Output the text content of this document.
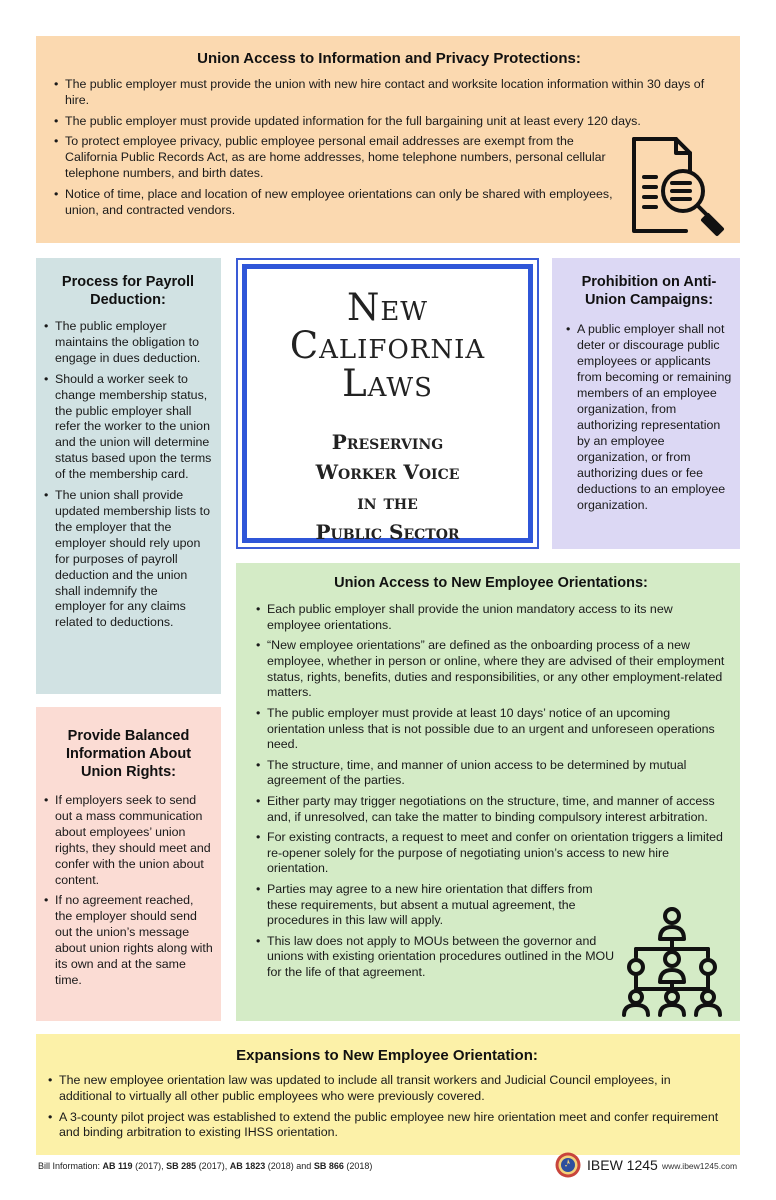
Union Access to Information and Privacy Protections:
• The public employer must provide the union with new hire contact and worksite location information within 30 days of hire.
• The public employer must provide updated information for the full bargaining unit at least every 120 days.
• To protect employee privacy, public employee personal email addresses are exempt from the California Public Records Act, as are home addresses, home telephone numbers, personal cellular telephone numbers, and birth dates.
• Notice of time, place and location of new employee orientations can only be shared with employees, union, and contracted vendors.
Process for Payroll Deduction:
• The public employer maintains the obligation to engage in dues deduction.
• Should a worker seek to change membership status, the public employer shall refer the worker to the union and the union will determine status based upon the terms of the membership card.
• The union shall provide updated membership lists to the employer that the employer should rely upon for purposes of payroll deduction and the union shall indemnify the employer for any claims related to deductions.
New
California
Laws
Preserving
Worker Voice
in the
Public Sector
Prohibition on Anti-Union Campaigns:
• A public employer shall not deter or discourage public employees or applicants from becoming or remaining members of an employee organization, from authorizing representation by an employee organization, or from authorizing dues or fee deductions to an employee organization.
Provide Balanced Information About Union Rights:
• If employers seek to send out a mass communication about employees’ union rights, they should meet and confer with the union about content.
• If no agreement reached, the employer should send out the union’s message about union rights along with its own and at the same time.
Union Access to New Employee Orientations:
• Each public employer shall provide the union mandatory access to its new employee orientations.
• “New employee orientations” are defined as the onboarding process of a new employee, whether in person or online, where they are advised of their employment status, rights, benefits, duties and responsibilities, or any other employment-related matters.
• The public employer must provide at least 10 days’ notice of an upcoming orientation unless that is not possible due to an urgent and unforeseen operations need.
• The structure, time, and manner of union access to be determined by mutual agreement of the parties.
• Either party may trigger negotiations on the structure, time, and manner of access and, if unresolved, can take the matter to binding compulsory interest arbitration.
• For existing contracts, a request to meet and confer on orientation triggers a limited re-opener solely for the purpose of negotiating union’s access to new hire orientation.
• Parties may agree to a new hire orientation that differs from these requirements, but absent a mutual agreement, the procedures in this law will apply.
• This law does not apply to MOUs between the governor and unions with existing orientation procedures outlined in the MOU for the life of that agreement.
Expansions to New Employee Orientation:
• The new employee orientation law was updated to include all transit workers and Judicial Council employees, in additional to virtually all other public employees who were previously covered.
• A 3-county pilot project was established to extend the public employee new hire orientation meet and confer requirement and binding arbitration to existing IHSS orientation.
Bill Information: AB 119 (2017), SB 285 (2017), AB 1823 (2018) and SB 866 (2018)	IBEW 1245 www.ibew1245.com
